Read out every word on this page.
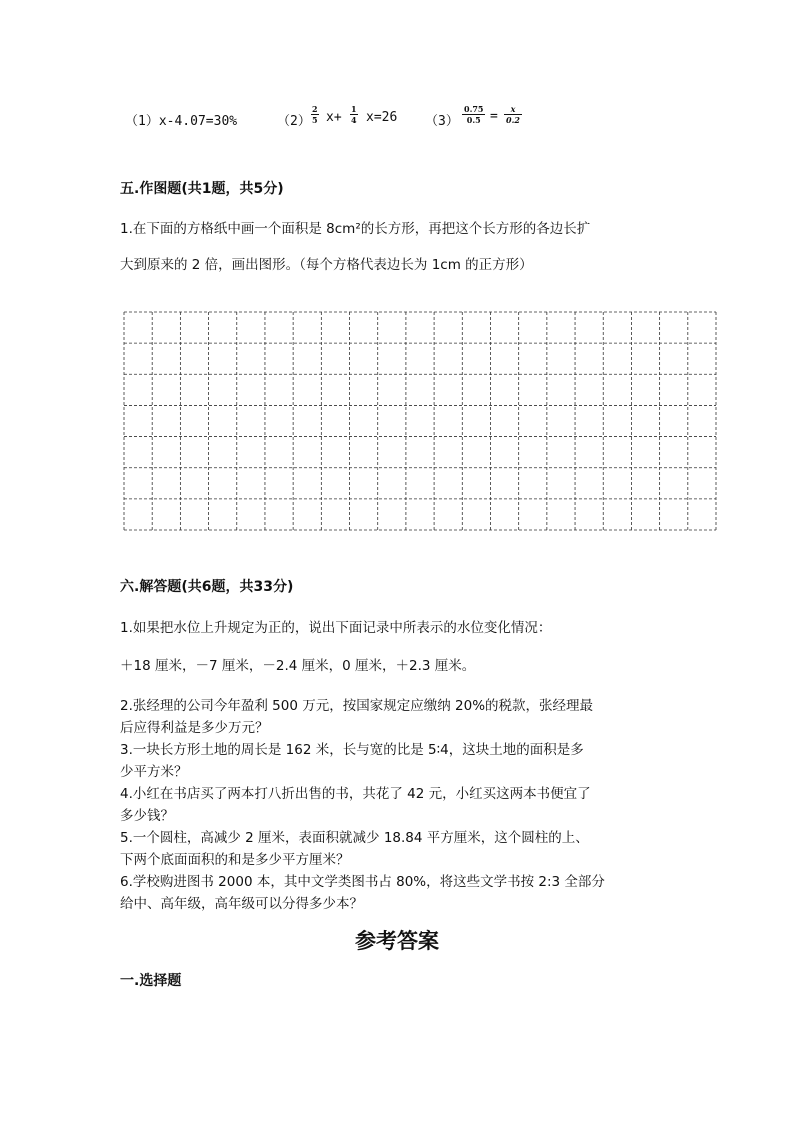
（1）x-4.07=30%	$(2) \frac{2}{5} x+ \frac{1}{4} x=26$ $(3) \frac{0.75}{0.5} = \frac{x}{0.2}$
五.作图题(共1题，共5分)
1.在下面的方格纸中画一个面积是 8cm²的长方形，再把这个长方形的各边长扩
大到原来的 2 倍，画出图形。（每个方格代表边长为 1cm 的正方形）
六.解答题(共6题，共33分)
1.如果把水位上升规定为正的，说出下面记录中所表示的水位变化情况：
＋18 厘米，－7 厘米，－2.4 厘米，0 厘米，＋2.3 厘米。
2.张经理的公司今年盈利 500 万元，按国家规定应缴纳 20%的税款，张经理最
后应得利益是多少万元？
3.一块长方形土地的周长是 162 米，长与宽的比是 5∶4，这块土地的面积是多
少平方米？
4.小红在书店买了两本打八折出售的书，共花了 42 元，小红买这两本书便宜了
多少钱？
5.一个圆柱，高减少 2 厘米，表面积就减少 18.84 平方厘米，这个圆柱的上、
下两个底面面积的和是多少平方厘米？
6.学校购进图书 2000 本，其中文学类图书占 80%，将这些文学书按 2:3 全部分
给中、高年级，高年级可以分得多少本？
参考答案
一.选择题
